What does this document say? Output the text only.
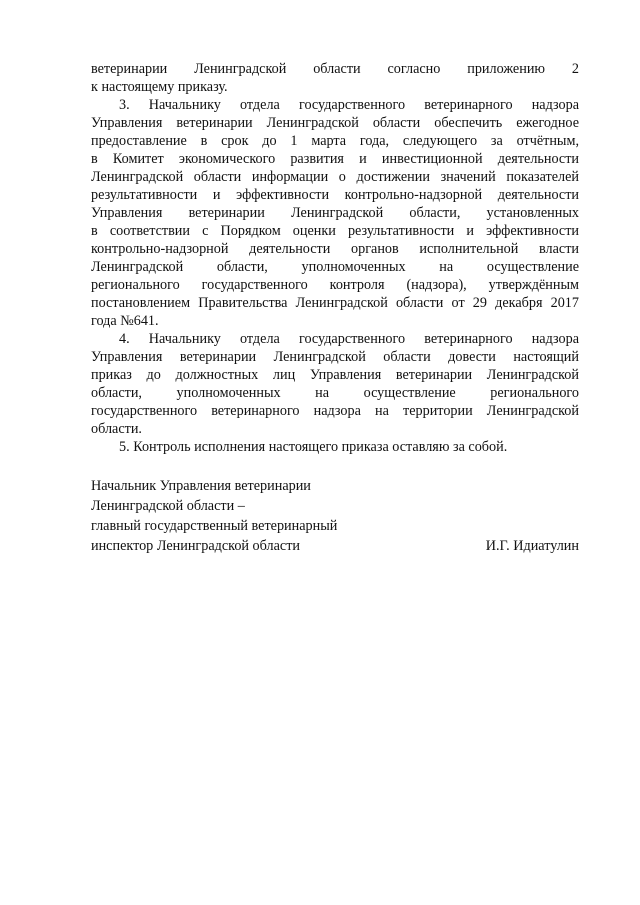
ветеринарии Ленинградской области согласно приложению 2
к настоящему приказу.
3. Начальнику отдела государственного ветеринарного надзора
Управления ветеринарии Ленинградской области обеспечить ежегодное
предоставление в срок до 1 марта года, следующего за отчётным,
в Комитет экономического развития и инвестиционной деятельности
Ленинградской области информации о достижении значений показателей
результативности и эффективности контрольно-надзорной деятельности
Управления ветеринарии Ленинградской области, установленных
в соответствии с Порядком оценки результативности и эффективности
контрольно-надзорной деятельности органов исполнительной власти
Ленинградской области, уполномоченных на осуществление
регионального государственного контроля (надзора), утверждённым
постановлением Правительства Ленинградской области от 29 декабря 2017
года №641.
4. Начальнику отдела государственного ветеринарного надзора
Управления ветеринарии Ленинградской области довести настоящий
приказ до должностных лиц Управления ветеринарии Ленинградской
области, уполномоченных на осуществление регионального
государственного ветеринарного надзора на территории Ленинградской
области.
5. Контроль исполнения настоящего приказа оставляю за собой.
Начальник Управления ветеринарии
Ленинградской области –
главный государственный ветеринарный
инспектор Ленинградской области	И.Г. Идиатулин
